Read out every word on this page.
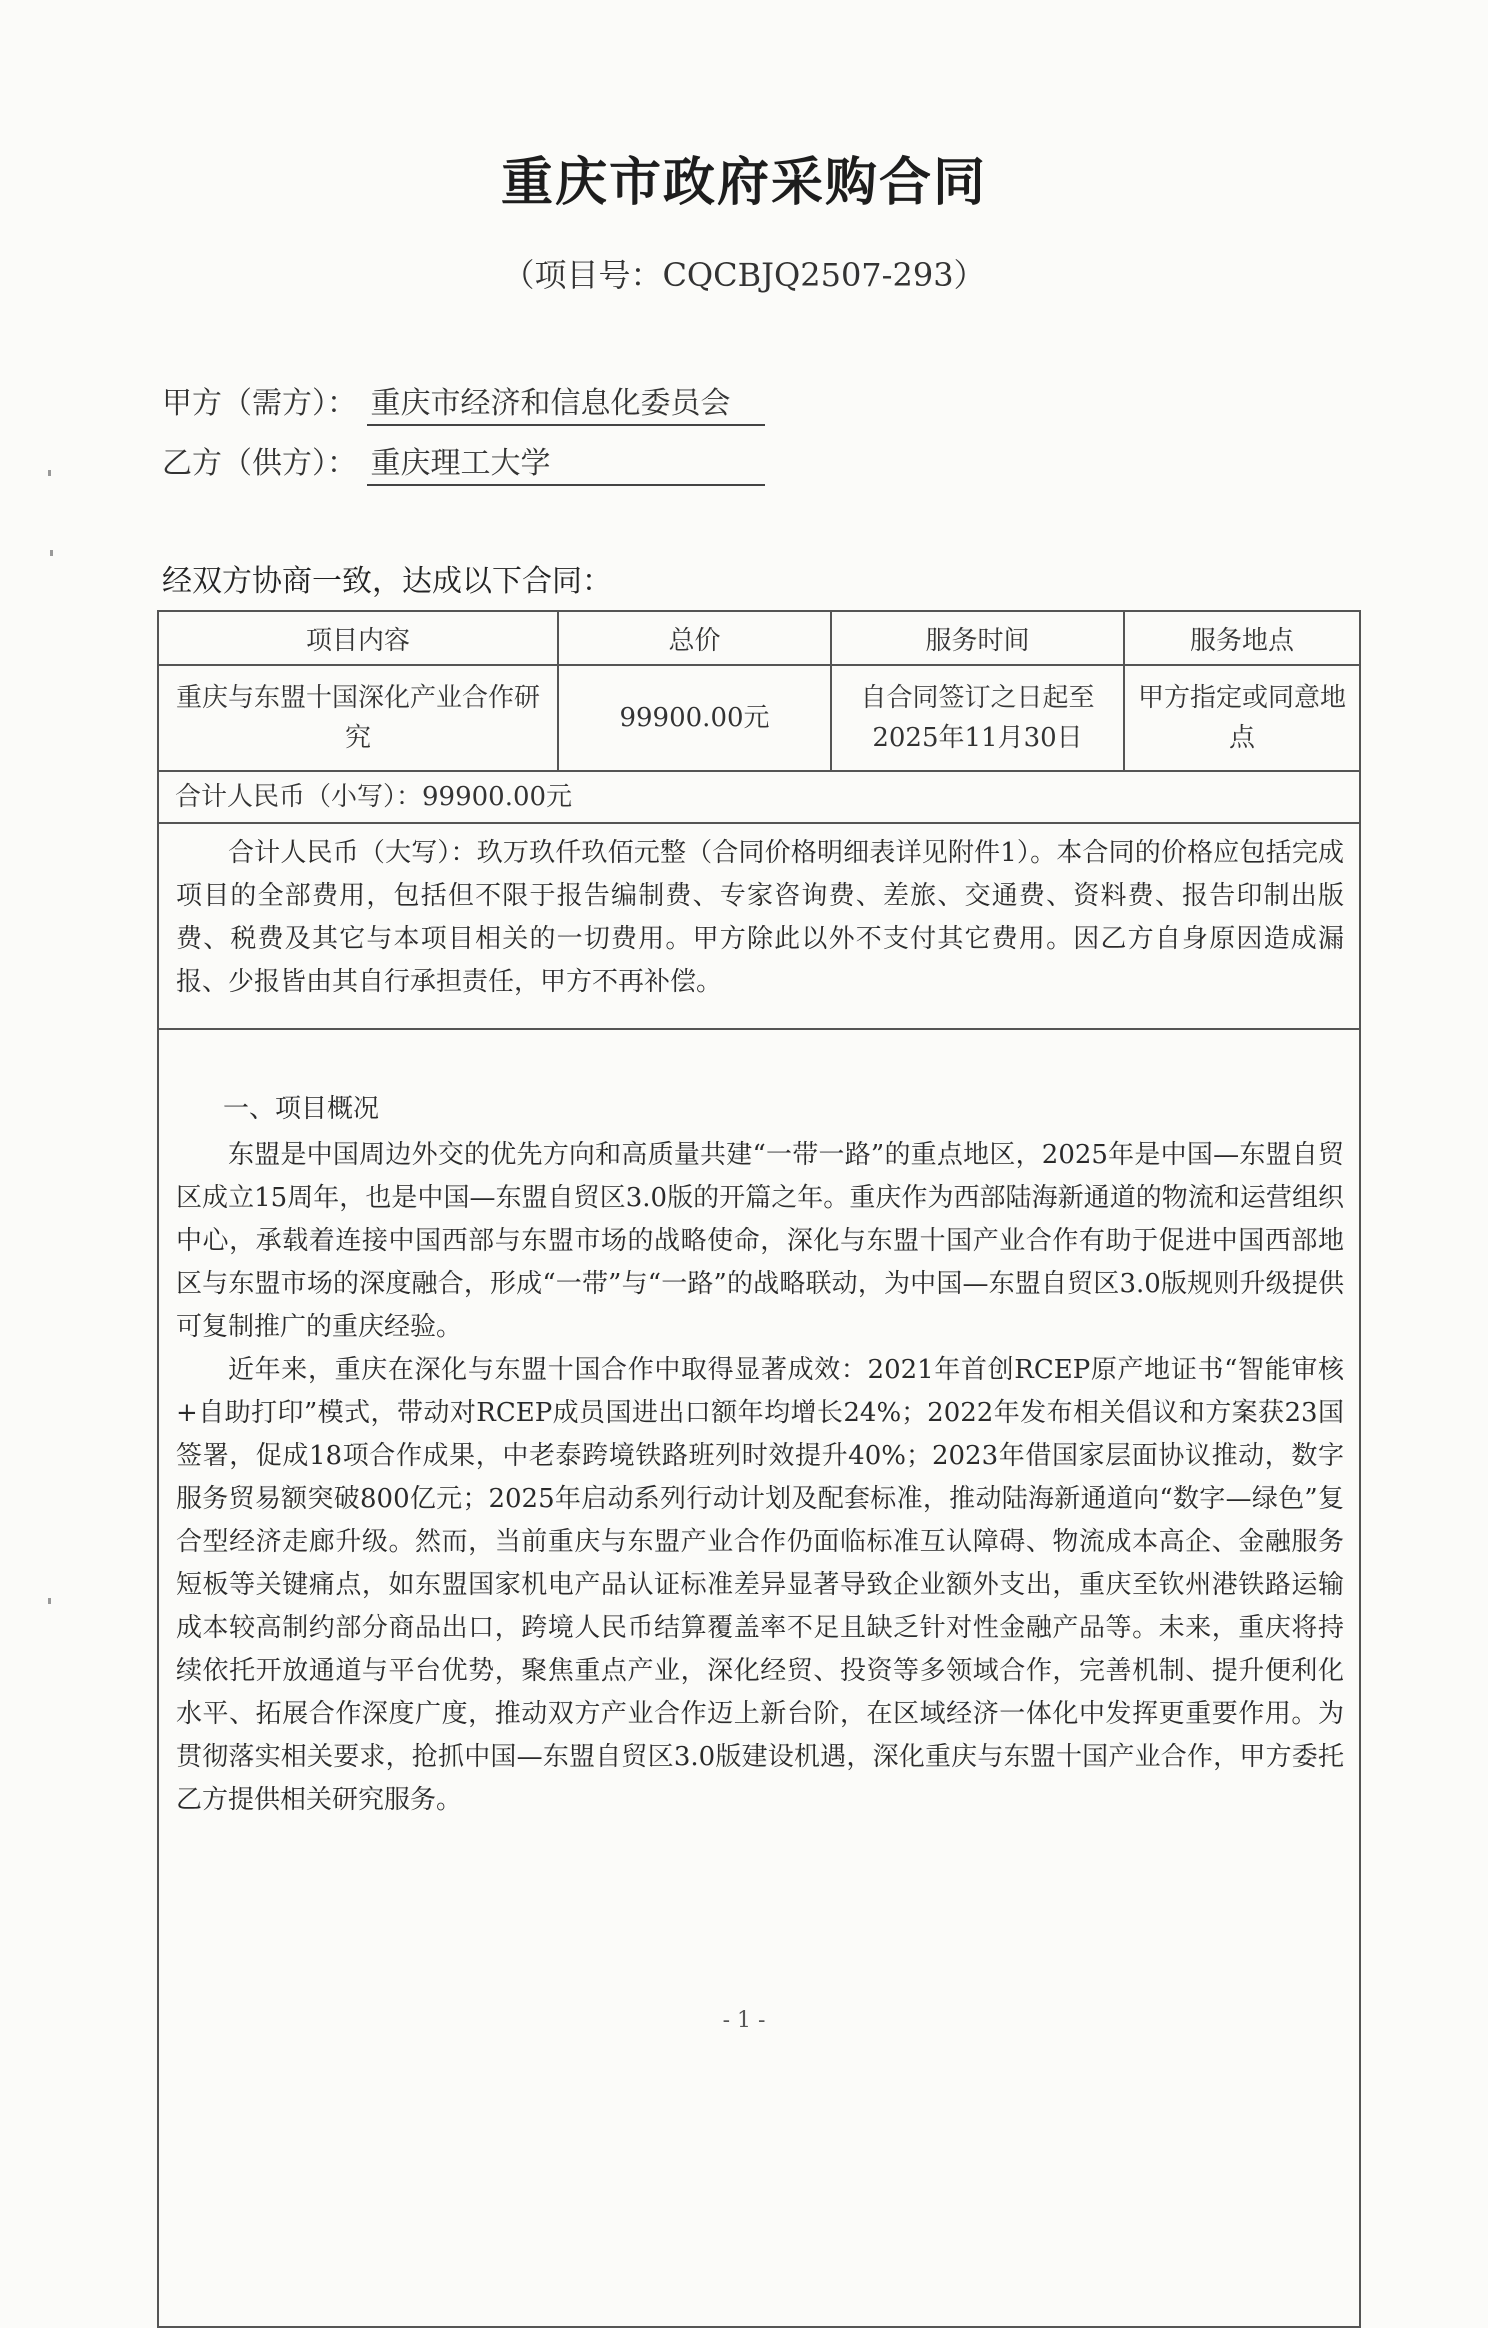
重庆市政府采购合同
（项目号：CQCBJQ2507-293）
甲方（需方）： 重庆市经济和信息化委员会
乙方（供方）： 重庆理工大学
经双方协商一致，达成以下合同：
项目内容	总价	服务时间	服务地点
重庆与东盟十国深化产业合作研究	99900.00元	自合同签订之日起至2025年11月30日	甲方指定或同意地点
合计人民币（小写）：99900.00元

合计人民币（大写）：玖万玖仟玖佰元整（合同价格明细表详见附件1）。本合同的价格应包括完成项目的全部费用，包括但不限于报告编制费、专家咨询费、差旅、交通费、资料费、报告印制出版费、税费及其它与本项目相关的一切费用。甲方除此以外不支付其它费用。因乙方自身原因造成漏报、少报皆由其自行承担责任，甲方不再补偿。

一、项目概况

东盟是中国周边外交的优先方向和高质量共建“一带一路”的重点地区，2025年是中国—东盟自贸区成立15周年，也是中国—东盟自贸区3.0版的开篇之年。重庆作为西部陆海新通道的物流和运营组织中心，承载着连接中国西部与东盟市场的战略使命，深化与东盟十国产业合作有助于促进中国西部地区与东盟市场的深度融合，形成“一带”与“一路”的战略联动，为中国—东盟自贸区3.0版规则升级提供可复制推广的重庆经验。

近年来，重庆在深化与东盟十国合作中取得显著成效：2021年首创RCEP原产地证书“智能审核+自助打印”模式，带动对RCEP成员国进出口额年均增长24%；2022年发布相关倡议和方案获23国签署，促成18项合作成果，中老泰跨境铁路班列时效提升40%；2023年借国家层面协议推动，数字服务贸易额突破800亿元；2025年启动系列行动计划及配套标准，推动陆海新通道向“数字—绿色”复合型经济走廊升级。然而，当前重庆与东盟产业合作仍面临标准互认障碍、物流成本高企、金融服务短板等关键痛点，如东盟国家机电产品认证标准差异显著导致企业额外支出，重庆至钦州港铁路运输成本较高制约部分商品出口，跨境人民币结算覆盖率不足且缺乏针对性金融产品等。未来，重庆将持续依托开放通道与平台优势，聚焦重点产业，深化经贸、投资等多领域合作，完善机制、提升便利化水平、拓展合作深度广度，推动双方产业合作迈上新台阶，在区域经济一体化中发挥更重要作用。为贯彻落实相关要求，抢抓中国—东盟自贸区3.0版建设机遇，深化重庆与东盟十国产业合作，甲方委托乙方提供相关研究服务。

- 1 -
